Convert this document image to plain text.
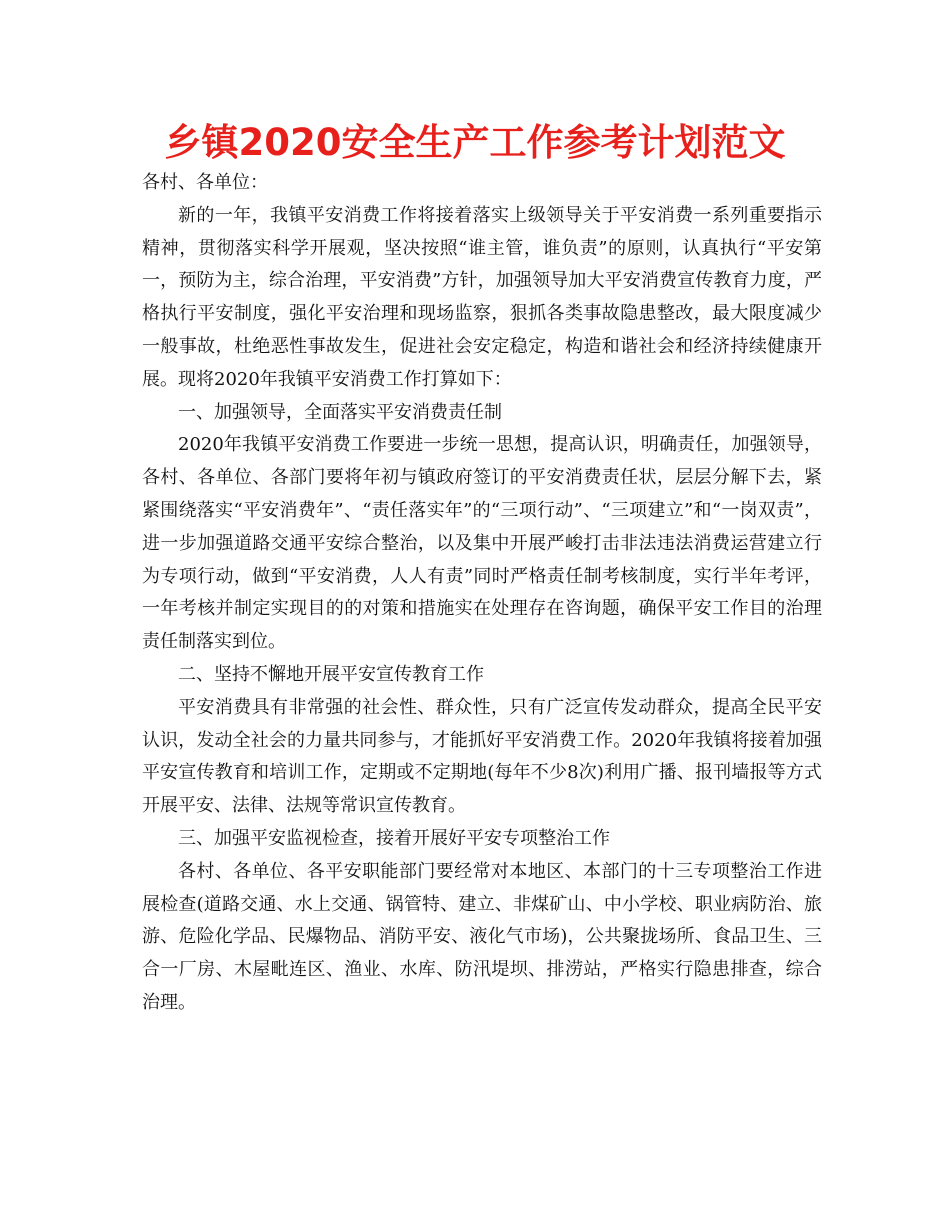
乡镇2020安全生产工作参考计划范文

各村、各单位：

新的一年，我镇平安消费工作将接着落实上级领导关于平安消费一系列重要指示精神，贯彻落实科学开展观，坚决按照“谁主管，谁负责”的原则，认真执行“平安第一，预防为主，综合治理，平安消费”方针，加强领导加大平安消费宣传教育力度，严格执行平安制度，强化平安治理和现场监察，狠抓各类事故隐患整改，最大限度减少一般事故，杜绝恶性事故发生，促进社会安定稳定，构造和谐社会和经济持续健康开展。现将2020年我镇平安消费工作打算如下：

一、加强领导，全面落实平安消费责任制

2020年我镇平安消费工作要进一步统一思想，提高认识，明确责任，加强领导，各村、各单位、各部门要将年初与镇政府签订的平安消费责任状，层层分解下去，紧紧围绕落实“平安消费年”、“责任落实年”的“三项行动”、“三项建立”和“一岗双责”，进一步加强道路交通平安综合整治，以及集中开展严峻打击非法违法消费运营建立行为专项行动，做到“平安消费，人人有责”同时严格责任制考核制度，实行半年考评，一年考核并制定实现目的的对策和措施实在处理存在咨询题，确保平安工作目的治理责任制落实到位。

二、坚持不懈地开展平安宣传教育工作

平安消费具有非常强的社会性、群众性，只有广泛宣传发动群众，提高全民平安认识，发动全社会的力量共同参与，才能抓好平安消费工作。2020年我镇将接着加强平安宣传教育和培训工作，定期或不定期地(每年不少8次)利用广播、报刊墙报等方式开展平安、法律、法规等常识宣传教育。

三、加强平安监视检查，接着开展好平安专项整治工作

各村、各单位、各平安职能部门要经常对本地区、本部门的十三专项整治工作进展检查(道路交通、水上交通、锅管特、建立、非煤矿山、中小学校、职业病防治、旅游、危险化学品、民爆物品、消防平安、液化气市场)，公共聚拢场所、食品卫生、三合一厂房、木屋毗连区、渔业、水库、防汛堤坝、排涝站，严格实行隐患排查，综合治理。
